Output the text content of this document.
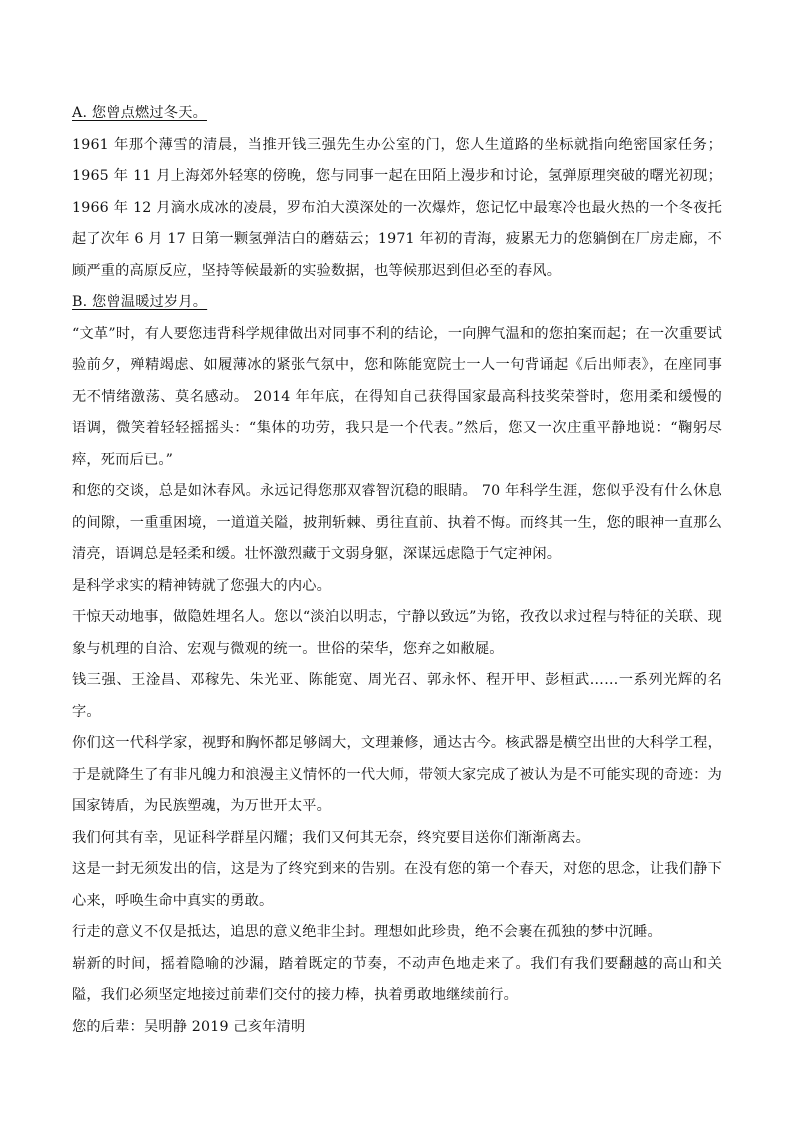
A. 您曾点燃过冬天。

1961 年那个薄雪的清晨，当推开钱三强先生办公室的门，您人生道路的坐标就指向绝密国家任务；1965 年 11 月上海郊外轻寒的傍晚，您与同事一起在田陌上漫步和讨论，氢弹原理突破的曙光初现；1966 年 12 月滴水成冰的凌晨，罗布泊大漠深处的一次爆炸，您记忆中最寒冷也最火热的一个冬夜托起了次年 6 月 17 日第一颗氢弹洁白的蘑菇云；1971 年初的青海，疲累无力的您躺倒在厂房走廊，不顾严重的高原反应，坚持等候最新的实验数据，也等候那迟到但必至的春风。

B. 您曾温暖过岁月。

“文革”时，有人要您违背科学规律做出对同事不利的结论，一向脾气温和的您拍案而起；在一次重要试验前夕，殚精竭虑、如履薄冰的紧张气氛中，您和陈能宽院士一人一句背诵起《后出师表》，在座同事无不情绪激荡、莫名感动。 2014 年年底，在得知自己获得国家最高科技奖荣誉时，您用柔和缓慢的语调，微笑着轻轻摇摇头：“集体的功劳，我只是一个代表。”然后，您又一次庄重平静地说：“鞠躬尽瘁，死而后已。”

和您的交谈，总是如沐春风。永远记得您那双睿智沉稳的眼睛。 70 年科学生涯，您似乎没有什么休息的间隙，一重重困境，一道道关隘，披荆斩棘、勇往直前、执着不悔。而终其一生，您的眼神一直那么清亮，语调总是轻柔和缓。壮怀激烈藏于文弱身躯，深谋远虑隐于气定神闲。

是科学求实的精神铸就了您强大的内心。

干惊天动地事，做隐姓埋名人。您以“淡泊以明志，宁静以致远”为铭，孜孜以求过程与特征的关联、现象与机理的自洽、宏观与微观的统一。世俗的荣华，您弃之如敝屣。

钱三强、王淦昌、邓稼先、朱光亚、陈能宽、周光召、郭永怀、程开甲、彭桓武……一系列光辉的名字。

你们这一代科学家，视野和胸怀都足够阔大，文理兼修，通达古今。核武器是横空出世的大科学工程，于是就降生了有非凡魄力和浪漫主义情怀的一代大师，带领大家完成了被认为是不可能实现的奇迹：为国家铸盾，为民族塑魂，为万世开太平。

我们何其有幸，见证科学群星闪耀；我们又何其无奈，终究要目送你们渐渐离去。

这是一封无须发出的信，这是为了终究到来的告别。在没有您的第一个春天，对您的思念，让我们静下心来，呼唤生命中真实的勇敢。

行走的意义不仅是抵达，追思的意义绝非尘封。理想如此珍贵，绝不会裹在孤独的梦中沉睡。

崭新的时间，摇着隐喻的沙漏，踏着既定的节奏，不动声色地走来了。我们有我们要翻越的高山和关隘，我们必须坚定地接过前辈们交付的接力棒，执着勇敢地继续前行。

您的后辈：吴明静 2019 己亥年清明
